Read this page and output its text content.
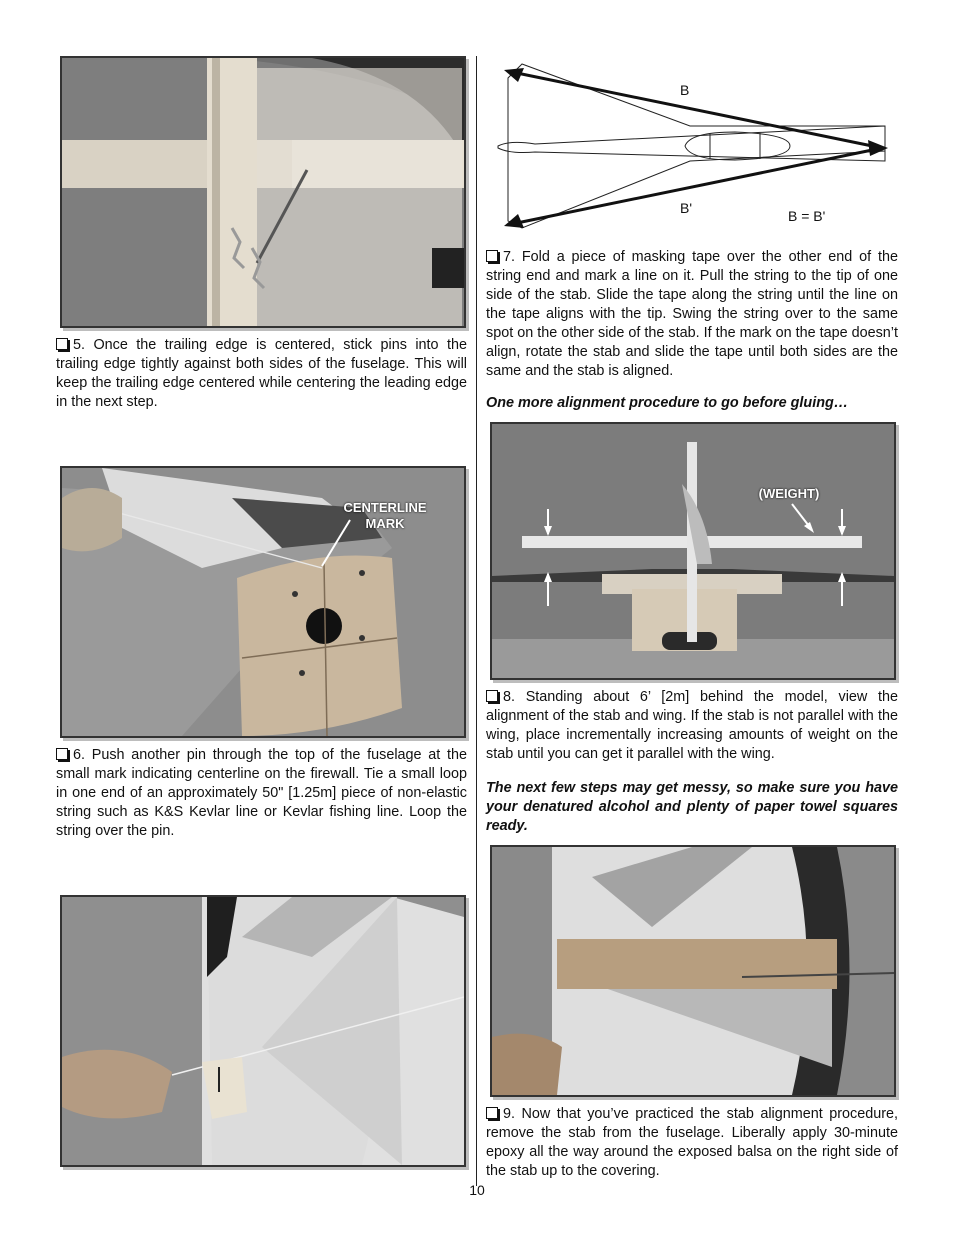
5. Once the trailing edge is centered, stick pins into the trailing edge tightly against both sides of the fuselage. This will keep the trailing edge centered while centering the leading edge in the next step.

CENTERLINE
MARK

6. Push another pin through the top of the fuselage at the small mark indicating centerline on the firewall. Tie a small loop in one end of an approximately 50" [1.25m] piece of non-elastic string such as K&S Kevlar line or Kevlar fishing line. Loop the string over the pin.

B
B'	B = B'

7. Fold a piece of masking tape over the other end of the string end and mark a line on it. Pull the string to the tip of one side of the stab. Slide the tape along the string until the line on the tape aligns with the tip. Swing the string over to the same spot on the other side of the stab. If the mark on the tape doesn’t align, rotate the stab and slide the tape until both sides are the same and the stab is aligned.

One more alignment procedure to go before gluing…

(WEIGHT)

8. Standing about 6’ [2m] behind the model, view the alignment of the stab and wing. If the stab is not parallel with the wing, place incrementally increasing amounts of weight on the stab until you can get it parallel with the wing.

The next few steps may get messy, so make sure you have your denatured alcohol and plenty of paper towel squares ready.

9. Now that you’ve practiced the stab alignment procedure, remove the stab from the fuselage. Liberally apply 30-minute epoxy all the way around the exposed balsa on the right side of the stab up to the covering.

10
